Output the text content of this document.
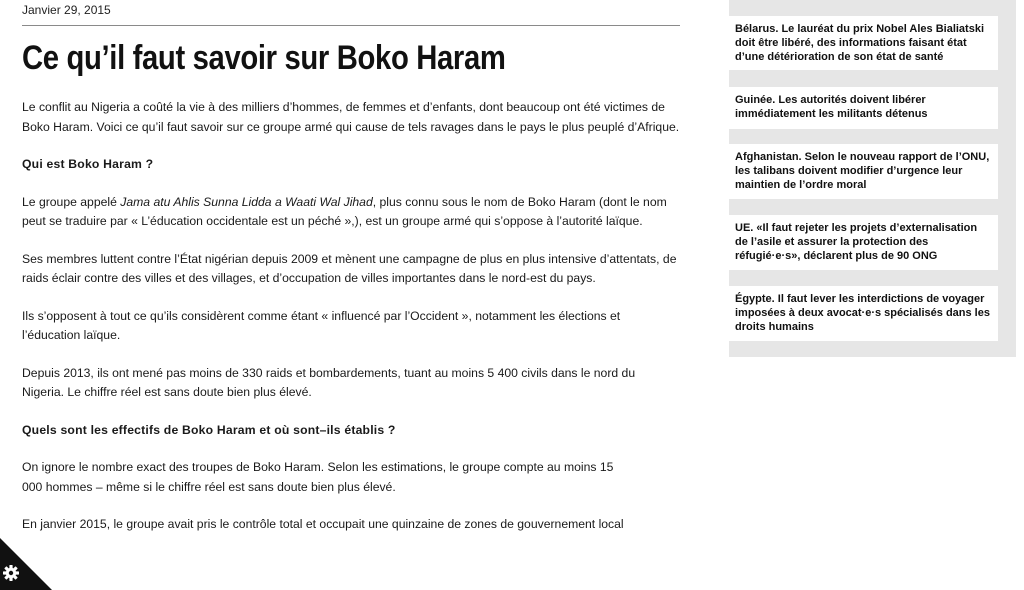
Janvier 29, 2015
Ce qu’il faut savoir sur Boko Haram

Le conflit au Nigeria a coûté la vie à des milliers d’hommes, de femmes et d’enfants, dont beaucoup ont été victimes de Boko Haram. Voici ce qu’il faut savoir sur ce groupe armé qui cause de tels ravages dans le pays le plus peuplé d’Afrique.

Qui est Boko Haram ?

Le groupe appelé Jama atu Ahlis Sunna Lidda a Waati Wal Jihad, plus connu sous le nom de Boko Haram (dont le nom peut se traduire par « L’éducation occidentale est un péché »,), est un groupe armé qui s’oppose à l’autorité laïque.

Ses membres luttent contre l’État nigérian depuis 2009 et mènent une campagne de plus en plus intensive d’attentats, de raids éclair contre des villes et des villages, et d’occupation de villes importantes dans le nord-est du pays.

Ils s’opposent à tout ce qu’ils considèrent comme étant « influencé par l’Occident », notamment les élections et l’éducation laïque.

Depuis 2013, ils ont mené pas moins de 330 raids et bombardements, tuant au moins 5 400 civils dans le nord du Nigeria. Le chiffre réel est sans doute bien plus élevé.

Quels sont les effectifs de Boko Haram et où sont–ils établis ?

On ignore le nombre exact des troupes de Boko Haram. Selon les estimations, le groupe compte au moins 15 000 hommes – même si le chiffre réel est sans doute bien plus élevé.

En janvier 2015, le groupe avait pris le contrôle total et occupait une quinzaine de zones de gouvernement local

Bélarus. Le lauréat du prix Nobel Ales Bialiatski doit être libéré, des informations faisant état d’une détérioration de son état de santé
Guinée. Les autorités doivent libérer immédiatement les militants détenus
Afghanistan. Selon le nouveau rapport de l’ONU, les talibans doivent modifier d’urgence leur maintien de l’ordre moral
UE. «Il faut rejeter les projets d’externalisation de l’asile et assurer la protection des réfugié·e·s», déclarent plus de 90 ONG
Égypte. Il faut lever les interdictions de voyager imposées à deux avocat·e·s spécialisés dans les droits humains
